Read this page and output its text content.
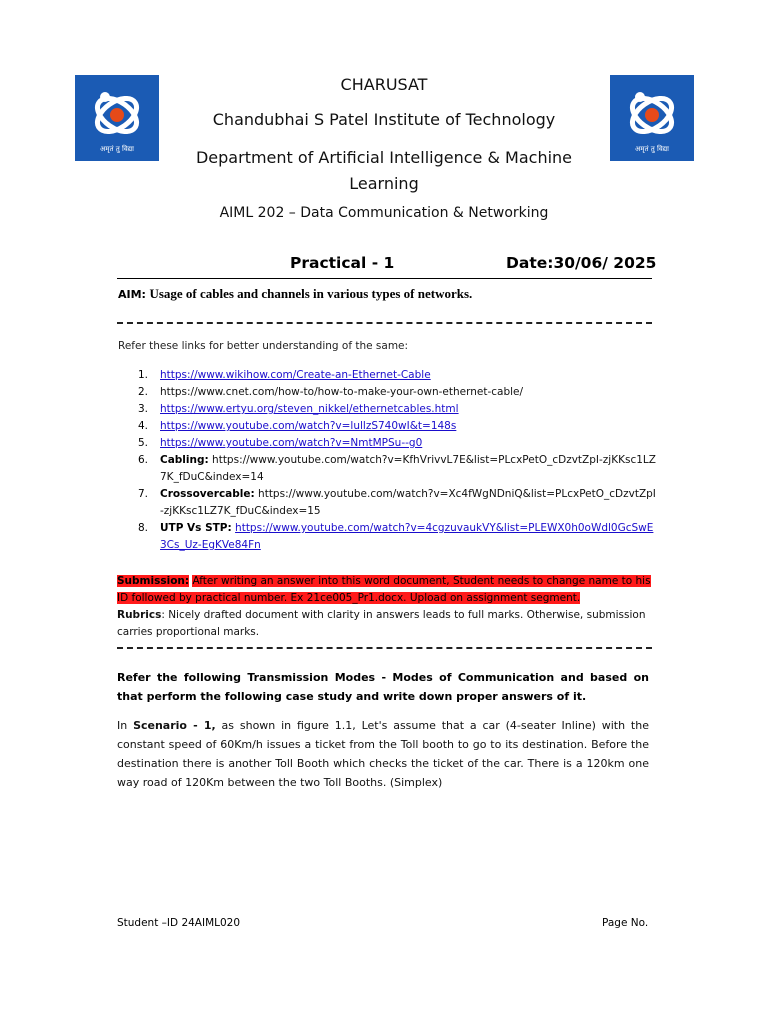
अमृतं तु विद्या	अमृतं तु विद्या
CHARUSAT
Chandubhai S Patel Institute of Technology
Department of Artificial Intelligence & Machine Learning
AIML 202 – Data Communication & Networking
Practical - 1	Date:30/06/ 2025
AIM: Usage of cables and channels in various types of networks.
Refer these links for better understanding of the same:
1. https://www.wikihow.com/Create-an-Ethernet-Cable
2. https://www.cnet.com/how-to/how-to-make-your-own-ethernet-cable/
3. https://www.ertyu.org/steven_nikkel/ethernetcables.html
4. https://www.youtube.com/watch?v=lullzS740wI&t=148s
5. https://www.youtube.com/watch?v=NmtMPSu--g0
6. Cabling: https://www.youtube.com/watch?v=KfhVrivvL7E&list=PLcxPetO_cDzvtZpI-zjKKsc1LZ7K_fDuC&index=14
7. Crossovercable: https://www.youtube.com/watch?v=Xc4fWgNDniQ&list=PLcxPetO_cDzvtZpI-zjKKsc1LZ7K_fDuC&index=15
8. UTP Vs STP: https://www.youtube.com/watch?v=4cgzuvaukVY&list=PLEWX0h0oWdl0GcSwE3Cs_Uz-EgKVe84Fn
Submission: After writing an answer into this word document, Student needs to change name to his ID followed by practical number. Ex 21ce005_Pr1.docx. Upload on assignment segment.
Rubrics: Nicely drafted document with clarity in answers leads to full marks. Otherwise, submission carries proportional marks.
Refer the following Transmission Modes - Modes of Communication and based on that perform the following case study and write down proper answers of it.
In Scenario - 1, as shown in figure 1.1, Let's assume that a car (4-seater Inline) with the constant speed of 60Km/h issues a ticket from the Toll booth to go to its destination. Before the destination there is another Toll Booth which checks the ticket of the car. There is a 120km one way road of 120Km between the two Toll Booths. (Simplex)
Student –ID 24AIML020	Page No.
